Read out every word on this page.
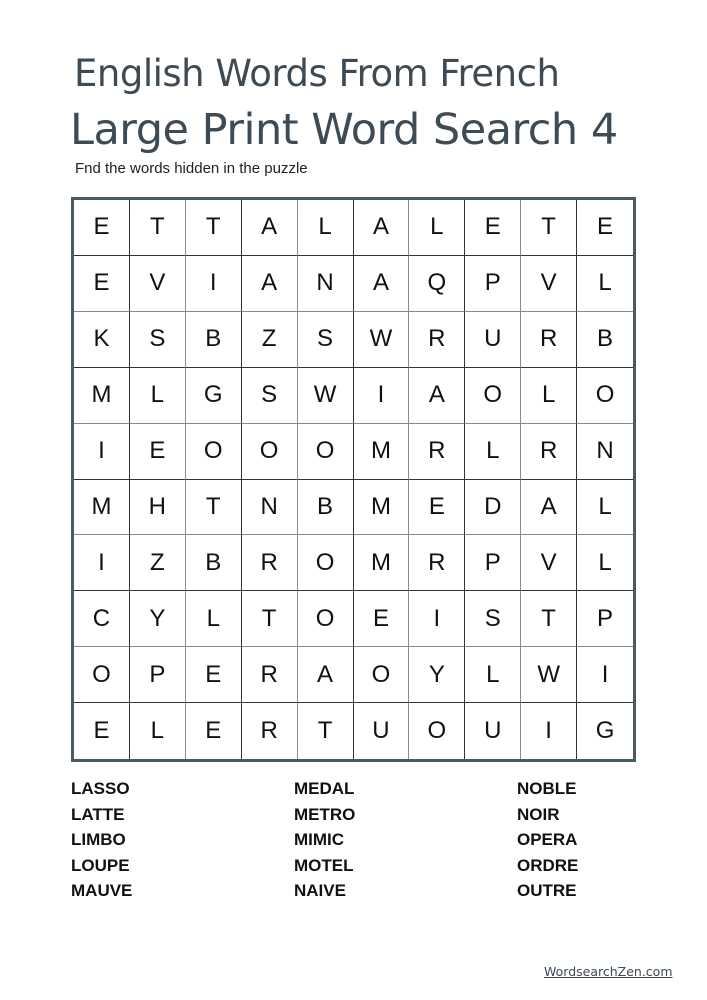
English Words From French
Large Print Word Search 4
Fnd the words hidden in the puzzle
E	T	T	A	L	A	L	E	T	E
E	V	I	A	N	A	Q	P	V	L
K	S	B	Z	S	W	R	U	R	B
M	L	G	S	W	I	A	O	L	O
I	E	O	O	O	M	R	L	R	N
M	H	T	N	B	M	E	D	A	L
I	Z	B	R	O	M	R	P	V	L
C	Y	L	T	O	E	I	S	T	P
O	P	E	R	A	O	Y	L	W	I
E	L	E	R	T	U	O	U	I	G
LASSO
LATTE
LIMBO
LOUPE
MAUVE
MEDAL
METRO
MIMIC
MOTEL
NAIVE
NOBLE
NOIR
OPERA
ORDRE
OUTRE
WordsearchZen.com
